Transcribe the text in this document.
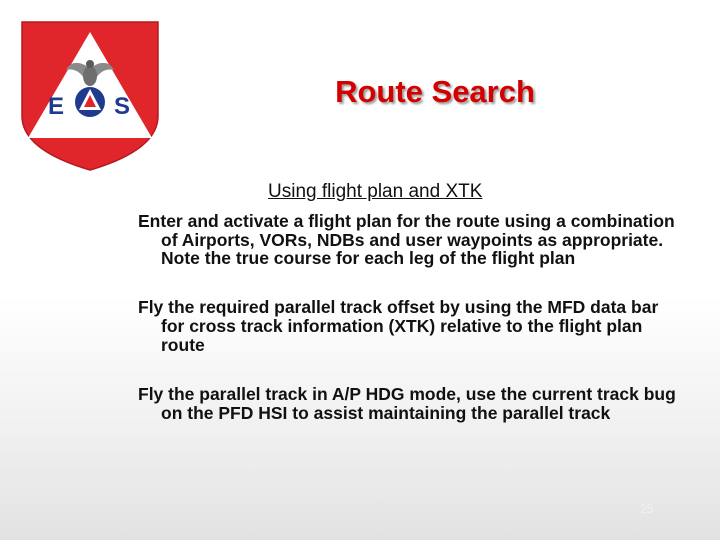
E S	Route Search
Using flight plan and XTK
Enter and activate a flight plan for the route using a combination of Airports, VORs, NDBs and user waypoints as appropriate. Note the true course for each leg of the flight plan
Fly the required parallel track offset by using the MFD data bar for cross track information (XTK) relative to the flight plan route
Fly the parallel track in A/P HDG mode, use the current track bug on the PFD HSI to assist maintaining the parallel track
25
